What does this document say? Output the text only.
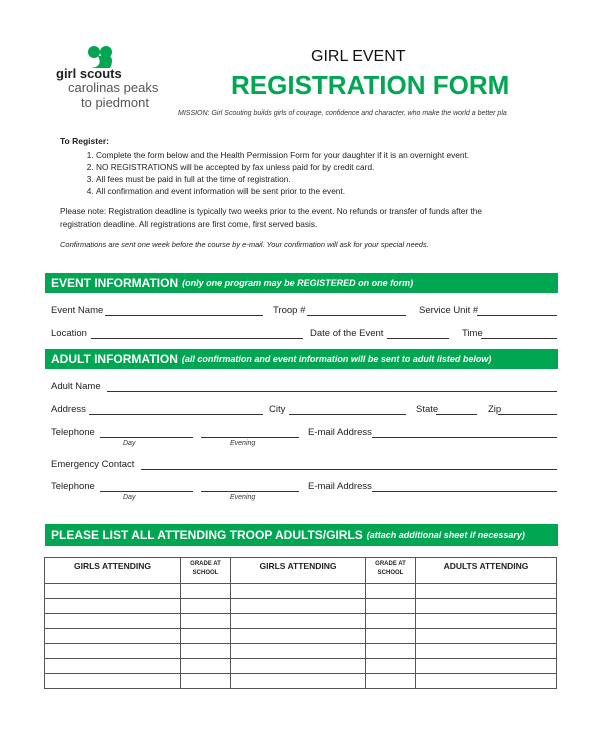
girl scouts
carolinas peaks
to piedmont
GIRL EVENT
REGISTRATION FORM
MISSION: Girl Scouting builds girls of courage, confidence and character, who make the world a better pla
To Register:
1. Complete the form below and the Health Permission Form for your daughter if it is an overnight event.
2. NO REGISTRATIONS will be accepted by fax unless paid for by credit card.
3. All fees must be paid in full at the time of registration.
4. All confirmation and event information will be sent prior to the event.
Please note: Registration deadline is typically two weeks prior to the event. No refunds or transfer of funds after the
registration deadline. All registrations are first come, first served basis.
Confirmations are sent one week before the course by e-mail. Your confirmation will ask for your special needs.
EVENT INFORMATION (only one program may be REGISTERED on one form)
Event Name	Troop #	Service Unit #
Location	Date of the Event	Time
ADULT INFORMATION (all confirmation and event information will be sent to adult listed below)
Adult Name
Address	City	State	Zip
Telephone	E-mail Address
Day	Evening
Emergency Contact
Telephone	E-mail Address
Day	Evening
PLEASE LIST ALL ATTENDING TROOP ADULTS/GIRLS (attach additional sheet if necessary)
GIRLS ATTENDING	GRADE AT SCHOOL	GIRLS ATTENDING	GRADE AT SCHOOL	ADULTS ATTENDING
